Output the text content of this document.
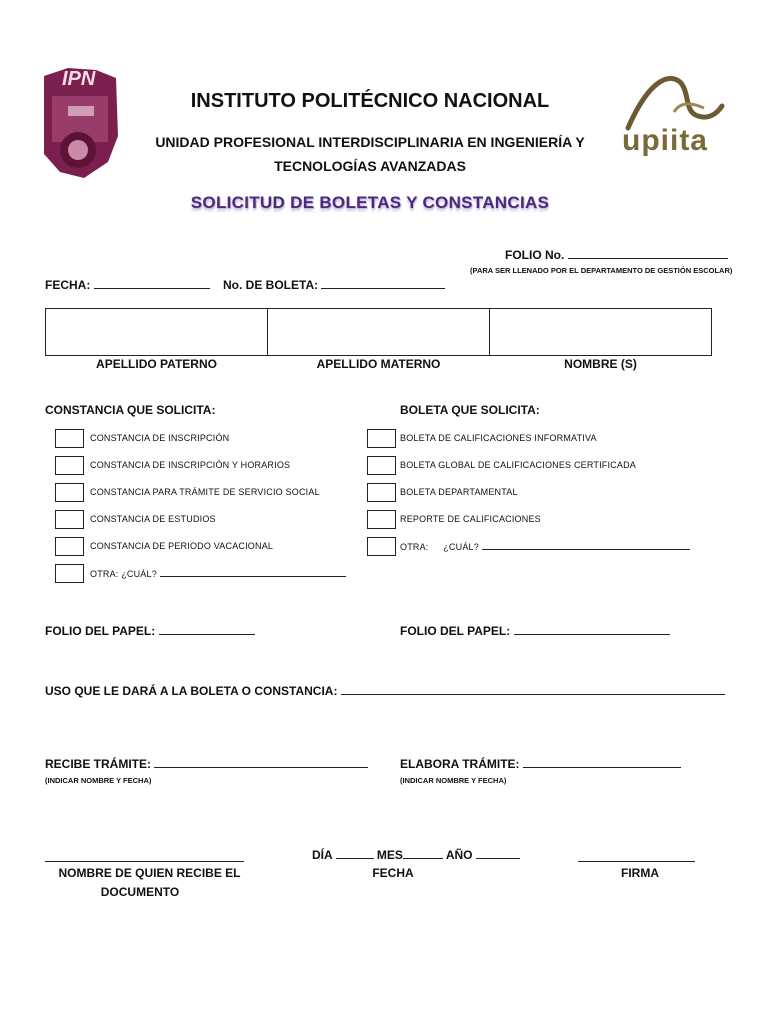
IPN
upiita
INSTITUTO POLITÉCNICO NACIONAL
UNIDAD PROFESIONAL INTERDISCIPLINARIA EN INGENIERÍA Y
TECNOLOGÍAS AVANZADAS
SOLICITUD DE BOLETAS Y CONSTANCIAS
FOLIO No.
(PARA SER LLENADO POR EL DEPARTAMENTO DE GESTIÓN ESCOLAR)
FECHA:	No. DE BOLETA:
APELLIDO PATERNO	APELLIDO MATERNO	NOMBRE (S)
CONSTANCIA QUE SOLICITA:
CONSTANCIA DE INSCRIPCIÓN
CONSTANCIA DE INSCRIPCIÓN Y HORARIOS
CONSTANCIA PARA TRÁMITE DE SERVICIO SOCIAL
CONSTANCIA DE ESTUDIOS
CONSTANCIA DE PERIODO VACACIONAL
OTRA: ¿CUÁL?
BOLETA QUE SOLICITA:
BOLETA DE CALIFICACIONES INFORMATIVA
BOLETA GLOBAL DE CALIFICACIONES CERTIFICADA
BOLETA DEPARTAMENTAL
REPORTE DE CALIFICACIONES
OTRA: ¿CUÁL?
FOLIO DEL PAPEL:	FOLIO DEL PAPEL:
USO QUE LE DARÁ A LA BOLETA O CONSTANCIA:
RECIBE TRÁMITE:
(INDICAR NOMBRE Y FECHA)
ELABORA TRÁMITE:
(INDICAR NOMBRE Y FECHA)
DÍA	MES	AÑO
NOMBRE DE QUIEN RECIBE EL
DOCUMENTO
FECHA	FIRMA
